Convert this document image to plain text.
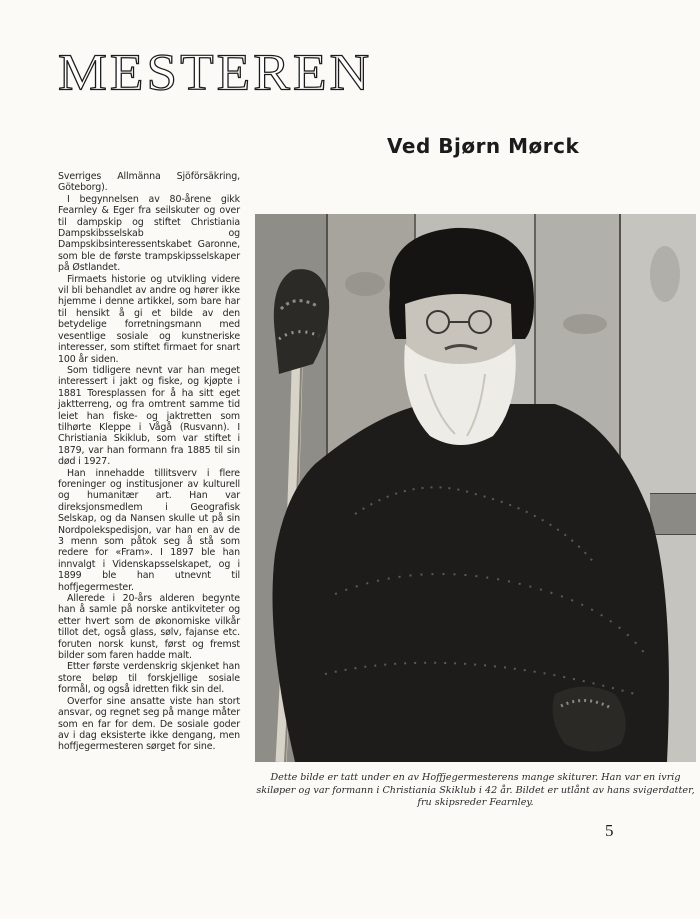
MESTEREN
Ved Bjørn Mørck

Sverriges Allmänna Sjöförsäkring, Göteborg).

I begynnelsen av 80-årene gikk Fearnley & Eger fra seilskuter og over til dampskip og stiftet Christiania Dampskibsselskab og Dampskibsinteressentskabet Garonne, som ble de første trampskipsselskaper på Østlandet.

Firmaets historie og utvikling videre vil bli behandlet av andre og hører ikke hjemme i denne artikkel, som bare har til hensikt å gi et bilde av den betydelige forretningsmann med vesentlige sosiale og kunstneriske interesser, som stiftet firmaet for snart 100 år siden.

Som tidligere nevnt var han meget interessert i jakt og fiske, og kjøpte i 1881 Toresplassen for å ha sitt eget jaktterreng, og fra omtrent samme tid leiet han fiske- og jaktretten som tilhørte Kleppe i Vågå (Rusvann). I Christiania Skiklub, som var stiftet i 1879, var han formann fra 1885 til sin død i 1927.

Han innehadde tillitsverv i flere foreninger og institusjoner av kulturell og humanitær art. Han var direksjonsmedlem i Geografisk Selskap, og da Nansen skulle ut på sin Nordpolekspedisjon, var han en av de 3 menn som påtok seg å stå som redere for «Fram». I 1897 ble han innvalgt i Videnskapsselskapet, og i 1899 ble han utnevnt til hoffjegermester.

Allerede i 20-års alderen begynte han å samle på norske antikviteter og etter hvert som de økonomiske vilkår tillot det, også glass, sølv, fajanse etc. foruten norsk kunst, først og fremst bilder som faren hadde malt.

Etter første verdenskrig skjenket han store beløp til forskjellige sosiale formål, og også idretten fikk sin del.

Overfor sine ansatte viste han stort ansvar, og regnet seg på mange måter som en far for dem. De sosiale goder av i dag eksisterte ikke dengang, men hoffjegermesteren sørget for sine.

Dette bilde er tatt under en av Hoffjegermesterens mange skiturer. Han var en ivrig skiløper og var formann i Christiania Skiklub i 42 år. Bildet er utlånt av hans svigerdatter, fru skipsreder Fearnley.

5
